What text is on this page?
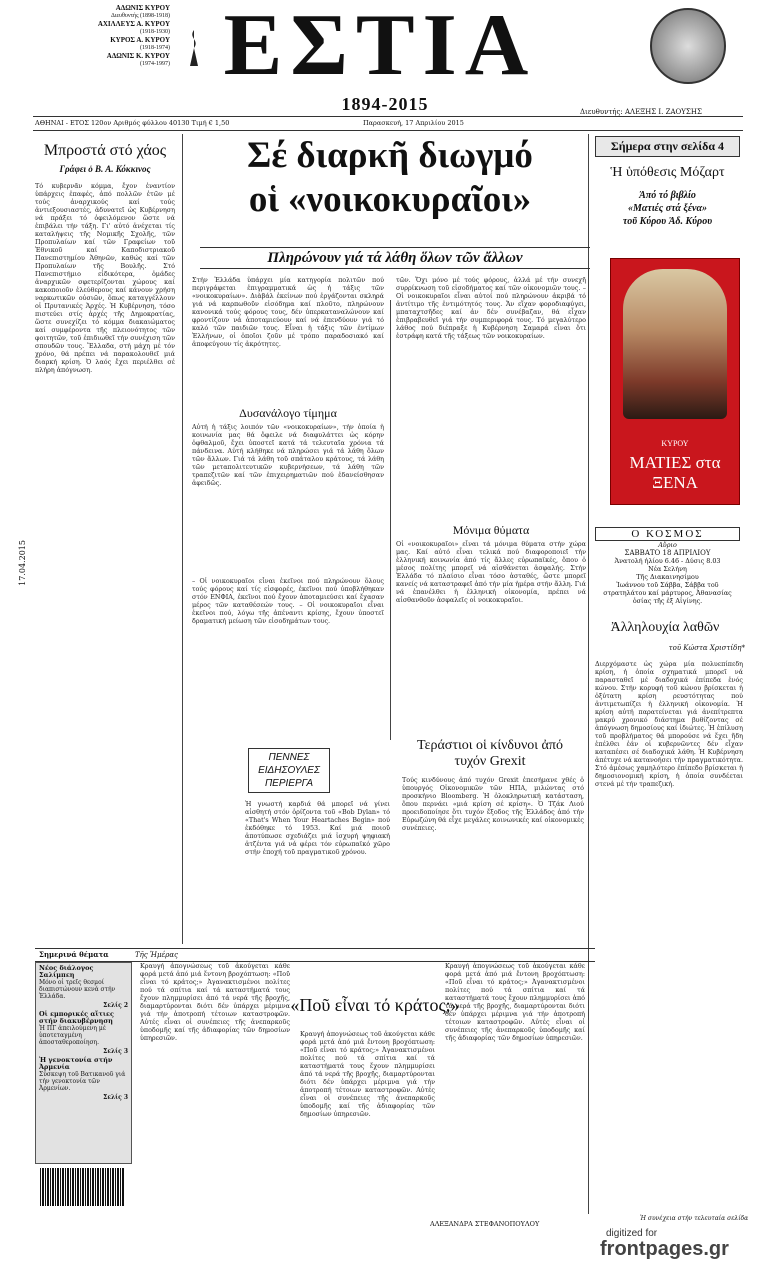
ΑΔΩΝΙΣ ΚΥΡΟΥ
Διευθυντής (1898-1918)
ΑΧΙΛΛΕΥΣ Α. ΚΥΡΟΥ
(1918-1930)
ΚΥΡΟΣ Α. ΚΥΡΟΥ
(1918-1974)
ΑΔΩΝΙΣ Κ. ΚΥΡΟΥ
(1974-1997) ΕΣΤΙΑ
1894-2015	Διευθυντής: ΑΛΕΞΗΣ Ι. ΖΑΟΥΣΗΣ
ΑΘΗΝΑΙ - ΕΤΟΣ 120ον Αριθμός φύλλου 40130 Τιμή € 1,50	Παρασκευή, 17 Απριλίου 2015
17.04.2015
Μπροστά στό χάος
Γράφει ὁ Β. Α. Κόκκινος
Τό κυβερνᾶν κόμμα, ἔχον ἐναντίον ὑπάρχεις ἐπαφές, ἀπό πολλῶν ἐτῶν μέ τούς ἀναρχικούς καί τούς ἀντιεξουσιαστές, ἀδυνατεῖ ὡς Κυβέρνηση νά πράξει τό ὀφειλόμενον ὥστε νά ἐπιβάλει τήν τάξη. Γι' αὐτό ἀνέχεται τίς καταλήψεις τῆς Νομικῆς Σχολῆς, τῶν Προπυλαίων καί τῶν Γραφείων τοῦ Ἐθνικοῦ καί Καποδιστριακοῦ Πανεπιστημίου Ἀθηνῶν, καθώς καί τῶν Προπυλαίων τῆς Βουλῆς. Στό Πανεπιστήμιο εἰδικότερα, ὁμάδες ἀναρχικῶν σφετερίζονται χώρους καί κακοποιοῦν ἐλεύθερους καί κάνουν χρήση ναρκωτικῶν οὐσιῶν, ὅπως καταγγέλλουν οἱ Πρυτανικές Ἀρχές. Ἡ Κυβέρνηση, τόσο πιστεύει στίς ἀρχές τῆς Δημοκρατίας, ὥστε συνεχίζει τό κόμμα διακαιώματος καί συμφέροντα τῆς πλειονότητος τῶν φοιτητῶν, τοῦ ἐπιδιωθεῖ τήν συνέχιση τῶν σπουδῶν τους. Ἔλλαδα, στή μάχη μέ τόν χρόνο, θά πρέπει νά παρακολουθεῖ μιά διαρκή κρίση. Ὁ λαός ἔχει περιέλθει σέ πλήρη ἀπόγνωση.
Σέ διαρκῆ διωγμό
οἱ «νοικοκυραῖοι»
Πληρώνουν γιά τά λάθη ὅλων τῶν ἄλλων
Στήν Ἑλλάδα ὑπάρχει μία κατηγορία πολιτῶν πού περιγράφεται ἐπιγραμματικά ὡς ἡ τάξις τῶν «νοικοκυραίων». Διὰβάλ ἐκείνων πού ἐργάζονται σκληρά γιά νά καρπωθοῦν εἰσόδημα καί πλοῦτο, πληρώνουν κανονικά τούς φόρους τους, δέν ὑπερκαταναλώνουν καί φροντίζουν νά ἀποταμιεύουν καί νά ἐπενδύουν γιά τό καλό τῶν παιδιῶν τους. Εἶναι ἡ τάξις τῶν ἐντίμων Ἑλλήνων, οἱ ὁποῖοι ζοῦν μέ τρόπο παραδοσιακό καί ἀποφεύγουν τίς ἀκρότητες.
Δυσανάλογο τίμημα
Αὐτή ἡ τάξις λοιπόν τῶν «νοικοκυραίων», τήν ὁποία ἡ κοινωνία μας θά ὄφειλε νά διαφυλάττει ὡς κόρην ὀφθαλμοῦ, ἔχει ὑποστεῖ κατά τά τελευταῖα χρόνια τά πάνδεινα. Αὐτή κλήθηκε νά πληρώσει γιά τά λάθη ὅλων τῶν ἄλλων. Γιά τά λάθη τοῦ σπάταλου κράτους, τά λάθη τῶν μεταπολιτευτικῶν κυβερνήσεων, τά λάθη τῶν τραπεζιτῶν καί τῶν ἐπιχειρηματιῶν πού ἐδανείσθησαν ἀφειδῶς.
– Οἱ νοικοκυραῖοι εἶναι ἐκεῖνοι πού πληρώνουν ὅλους τούς φόρους καί τίς εἰσφορές, ἐκεῖνοι πού ὑποβλήθηκαν στόν ΕΝΦΙΑ, ἐκεῖνοι πού ἔχουν ἀποταμιεύσει καί ἔχασαν μέρος τῶν καταθέσεών τους. – Οἱ νοικοκυραῖοι εἶναι ἐκεῖνοι πού, λόγω τῆς ἀπέναντι κρίσης, ἔχουν ὑποστεῖ δραματική μείωση τῶν εἰσοδημάτων τους.
τῶν. Ὄχι μόνο μέ τούς φόρους, ἀλλά μέ τήν συνεχῆ συρρίκνωση τοῦ εἰσοδήματος καί τῶν οἰκονομιῶν τους. – Οἱ νοικοκυραῖοι εἶναι αὐτοί πού πληρώνουν ἀκριβά τό ἀντίτιμο τῆς ἐντιμότητός τους. Ἄν εἴχαν φοροδιαφύγει, μπαταχτσῆδες καί ἀν δέν συνέβαζαν, θά εἶχαν ἐπιβραβευθεῖ γιά τήν συμπεριφορά τους. Τό μεγαλύτερο λάθος πού διέπραξε ἡ Κυβέρνηση Σαμαρά εἶναι ὅτι ἐστράφη κατά τῆς τάξεως τῶν νοικοκυραίων.
Μόνιμα θύματα
Οἱ «νοικοκυραῖοι» εἶναι τά μόνιμα θύματα στήν χώρα μας. Καί αὐτό εἶναι τελικά πού διαφοροποιεῖ τήν ἑλληνική κοινωνία ἀπό τίς ἄλλες εὐρωπαϊκές, ὅπου ὁ μέσος πολίτης μπορεῖ νά αἰσθάνεται ἀσφαλής. Στήν Ἑλλάδα τό πλαίσιο εἶναι τόσο ἀσταθές, ὥστε μπορεῖ κανείς νά καταστραφεῖ ἀπό τήν μία ἡμέρα στήν ἄλλη. Γιά νά ἐπανέλθει ἡ ἑλληνική οἰκονομία, πρέπει νά αἰσθανθοῦν ἀσφαλεῖς οἱ νοικοκυραῖοι.
ΠΕΝΝΕΣ
ΕΙΔΗΣΟΥΛΕΣ
ΠΕΡΙΕΡΓΑ
Ἡ γνωστή καρδιά θά μπορεῖ νά γίνει αἰσθητή στόν ὁρίζοντα τοῦ «Bob Dylan» τό «That's When Your Heartaches Begin» πού ἐκδόθηκε τό 1953. Καί μιά ποιοῦ ἀποτύπωσε σχεδιάζει μιά ἰσχυρή ψηφιακή ἀτζέντα γιά νά φέρει τόν εὐρωπαϊκό χῶρο στήν ἐποχή τοῦ πραγματικοῦ χρόνου.
Τεράστιοι οἱ κίνδυνοι ἀπό τυχόν Grexit
Τούς κινδύνους ἀπό τυχόν Grexit ἐπεσήμανε χθές ὁ ὑπουργός Οἰκονομικῶν τῶν ΗΠΑ, μιλώντας στό προσκήνιο Bloomberg. Ἡ ὁλοκληρωτική κατάσταση, ὅπου περνάει «μιά κρίση σέ κρίση». Ὁ Τζάκ Λιού προειδοποίησε ὅτι τυχόν ἔξοδος τῆς Ἑλλάδος ἀπό τήν Εὐρωζώνη θά εἶχε μεγάλες κοινωνικές καί οἰκονομικές συνέπειες.
Σήμερα στην σελίδα 4
Ἡ ὑπόθεσις Μόζαρτ
Ἀπό τό βιβλίο
«Ματιές στά ξένα»
τοῦ Κύρου Ἀδ. Κύρου
ΚΥΡΟΥ
ΜΑΤΙΕΣ στα ΞΕΝΑ
Ο ΚΟΣΜΟΣ
Αὔριο
ΣΑΒΒΑΤΟ 18 ΑΠΡΙΛΙΟΥ
Ἀνατολή ἡλίου 6.46 - Δύσις 8.03
Νέα Σελήνη
Τῆς Διακαινησίμου
Ἰωάννου τοῦ Σάββα, Σάββα τοῦ στρατηλάτου καί μάρτυρος, Ἀθανασίας ὁσίας τῆς ἐξ Αἰγίνης.
Ἀλληλουχία λαθῶν
τοῦ Κώστα Χριστίδη*
Διερχόμαστε ὡς χώρα μία πολυεπίπεδη κρίση, ἡ ὁποία σχηματικά μπορεῖ νά παρασταθεῖ μέ διαδοχικά ἐπίπεδα ἑνός κώνου. Στήν κορυφή τοῦ κώνου βρίσκεται ἡ ὀξύτατη κρίση ρευστότητας πού ἀντιμετωπίζει ἡ ἑλληνική οἰκονομία. Ἡ κρίση αὐτή παρατείνεται γιά ἀνεπίτρεπτα μακρύ χρονικό διάστημα βυθίζοντας σέ ἀπόγνωση δημοσίους καί ἰδιώτες. Ἡ ἐπίλυση τοῦ προβλήματος θά μπορούσε νά ἔχει ἤδη ἐπέλθει ἐάν οἱ κυβερνῶντες δέν εἶχαν καταπέσει σέ διαδοχικά λάθη. Ἡ Κυβέρνηση ἀπέτυχε νά κατανοήσει τήν πραγματικότητα. Στό ἀμέσως χαμηλότερο ἐπίπεδο βρίσκεται ἡ δημοσιονομική κρίση, ἡ ὁποία συνδέεται στενά μέ τήν τραπεζική.
Σημερινά θέματα	Τῆς Ἡμέρας
Νέος διάλογος Σαλίμπεη
Μόνο οἱ τρεῖς θεσμοί διαπιστώνουν κενά στήν Ἑλλάδα.
Σελίς 2
Οἱ εμπορικές αἴτιες στήν διακυβέρνηση
Ἡ ΠΓ ἀπειλούμενη μέ ὑποτεταγμένη ἀποσταθεροποίηση.
Σελίς 3
Ἡ γενοκτονία στήν Ἀρμενία
Σύσκεψη τοῦ Βατικανοῦ γιά τήν γενοκτονία τῶν Ἀρμενίων.
Σελίς 3
«Ποῦ εἶναι τό κράτος;»
Κραυγή ἀπογνώσεως τοῦ ἀκούγεται κάθε φορά μετά ἀπό μιά ἔντονη βροχόπτωση: «Ποῦ εἶναι τό κράτος;» Ἀγανακτισμένοι πολίτες πού τά σπίτια καί τά καταστήματά τους ἔχουν πλημμυρίσει ἀπό τά νερά τῆς βροχῆς, διαμαρτύρονται διότι δέν ὑπάρχει μέριμνα γιά τήν ἀποτροπή τέτοιων καταστροφῶν. Αὐτές εἶναι οἱ συνέπειες τῆς ἀνεπαρκοῦς ὑποδομῆς καί τῆς ἀδιαφορίας τῶν δημοσίων ὑπηρεσιῶν.	Κραυγή ἀπογνώσεως τοῦ ἀκούγεται κάθε φορά μετά ἀπό μιά ἔντονη βροχόπτωση: «Ποῦ εἶναι τό κράτος;» Ἀγανακτισμένοι πολίτες πού τά σπίτια καί τά καταστήματά τους ἔχουν πλημμυρίσει ἀπό τά νερά τῆς βροχῆς, διαμαρτύρονται διότι δέν ὑπάρχει μέριμνα γιά τήν ἀποτροπή τέτοιων καταστροφῶν. Αὐτές εἶναι οἱ συνέπειες τῆς ἀνεπαρκοῦς ὑποδομῆς καί τῆς ἀδιαφορίας τῶν δημοσίων ὑπηρεσιῶν.
Κραυγή ἀπογνώσεως τοῦ ἀκούγεται κάθε φορά μετά ἀπό μιά ἔντονη βροχόπτωση: «Ποῦ εἶναι τό κράτος;» Ἀγανακτισμένοι πολίτες πού τά σπίτια καί τά καταστήματά τους ἔχουν πλημμυρίσει ἀπό τά νερά τῆς βροχῆς, διαμαρτύρονται διότι δέν ὑπάρχει μέριμνα γιά τήν ἀποτροπή τέτοιων καταστροφῶν. Αὐτές εἶναι οἱ συνέπειες τῆς ἀνεπαρκοῦς ὑποδομῆς καί τῆς ἀδιαφορίας τῶν δημοσίων ὑπηρεσιῶν.
ΑΛΕΞΑΝΔΡΑ ΣΤΕΦΑΝΟΠΟΥΛΟΥ
Ἡ συνέχεια στήν τελευταία σελίδα
digitized for
frontpages.gr
